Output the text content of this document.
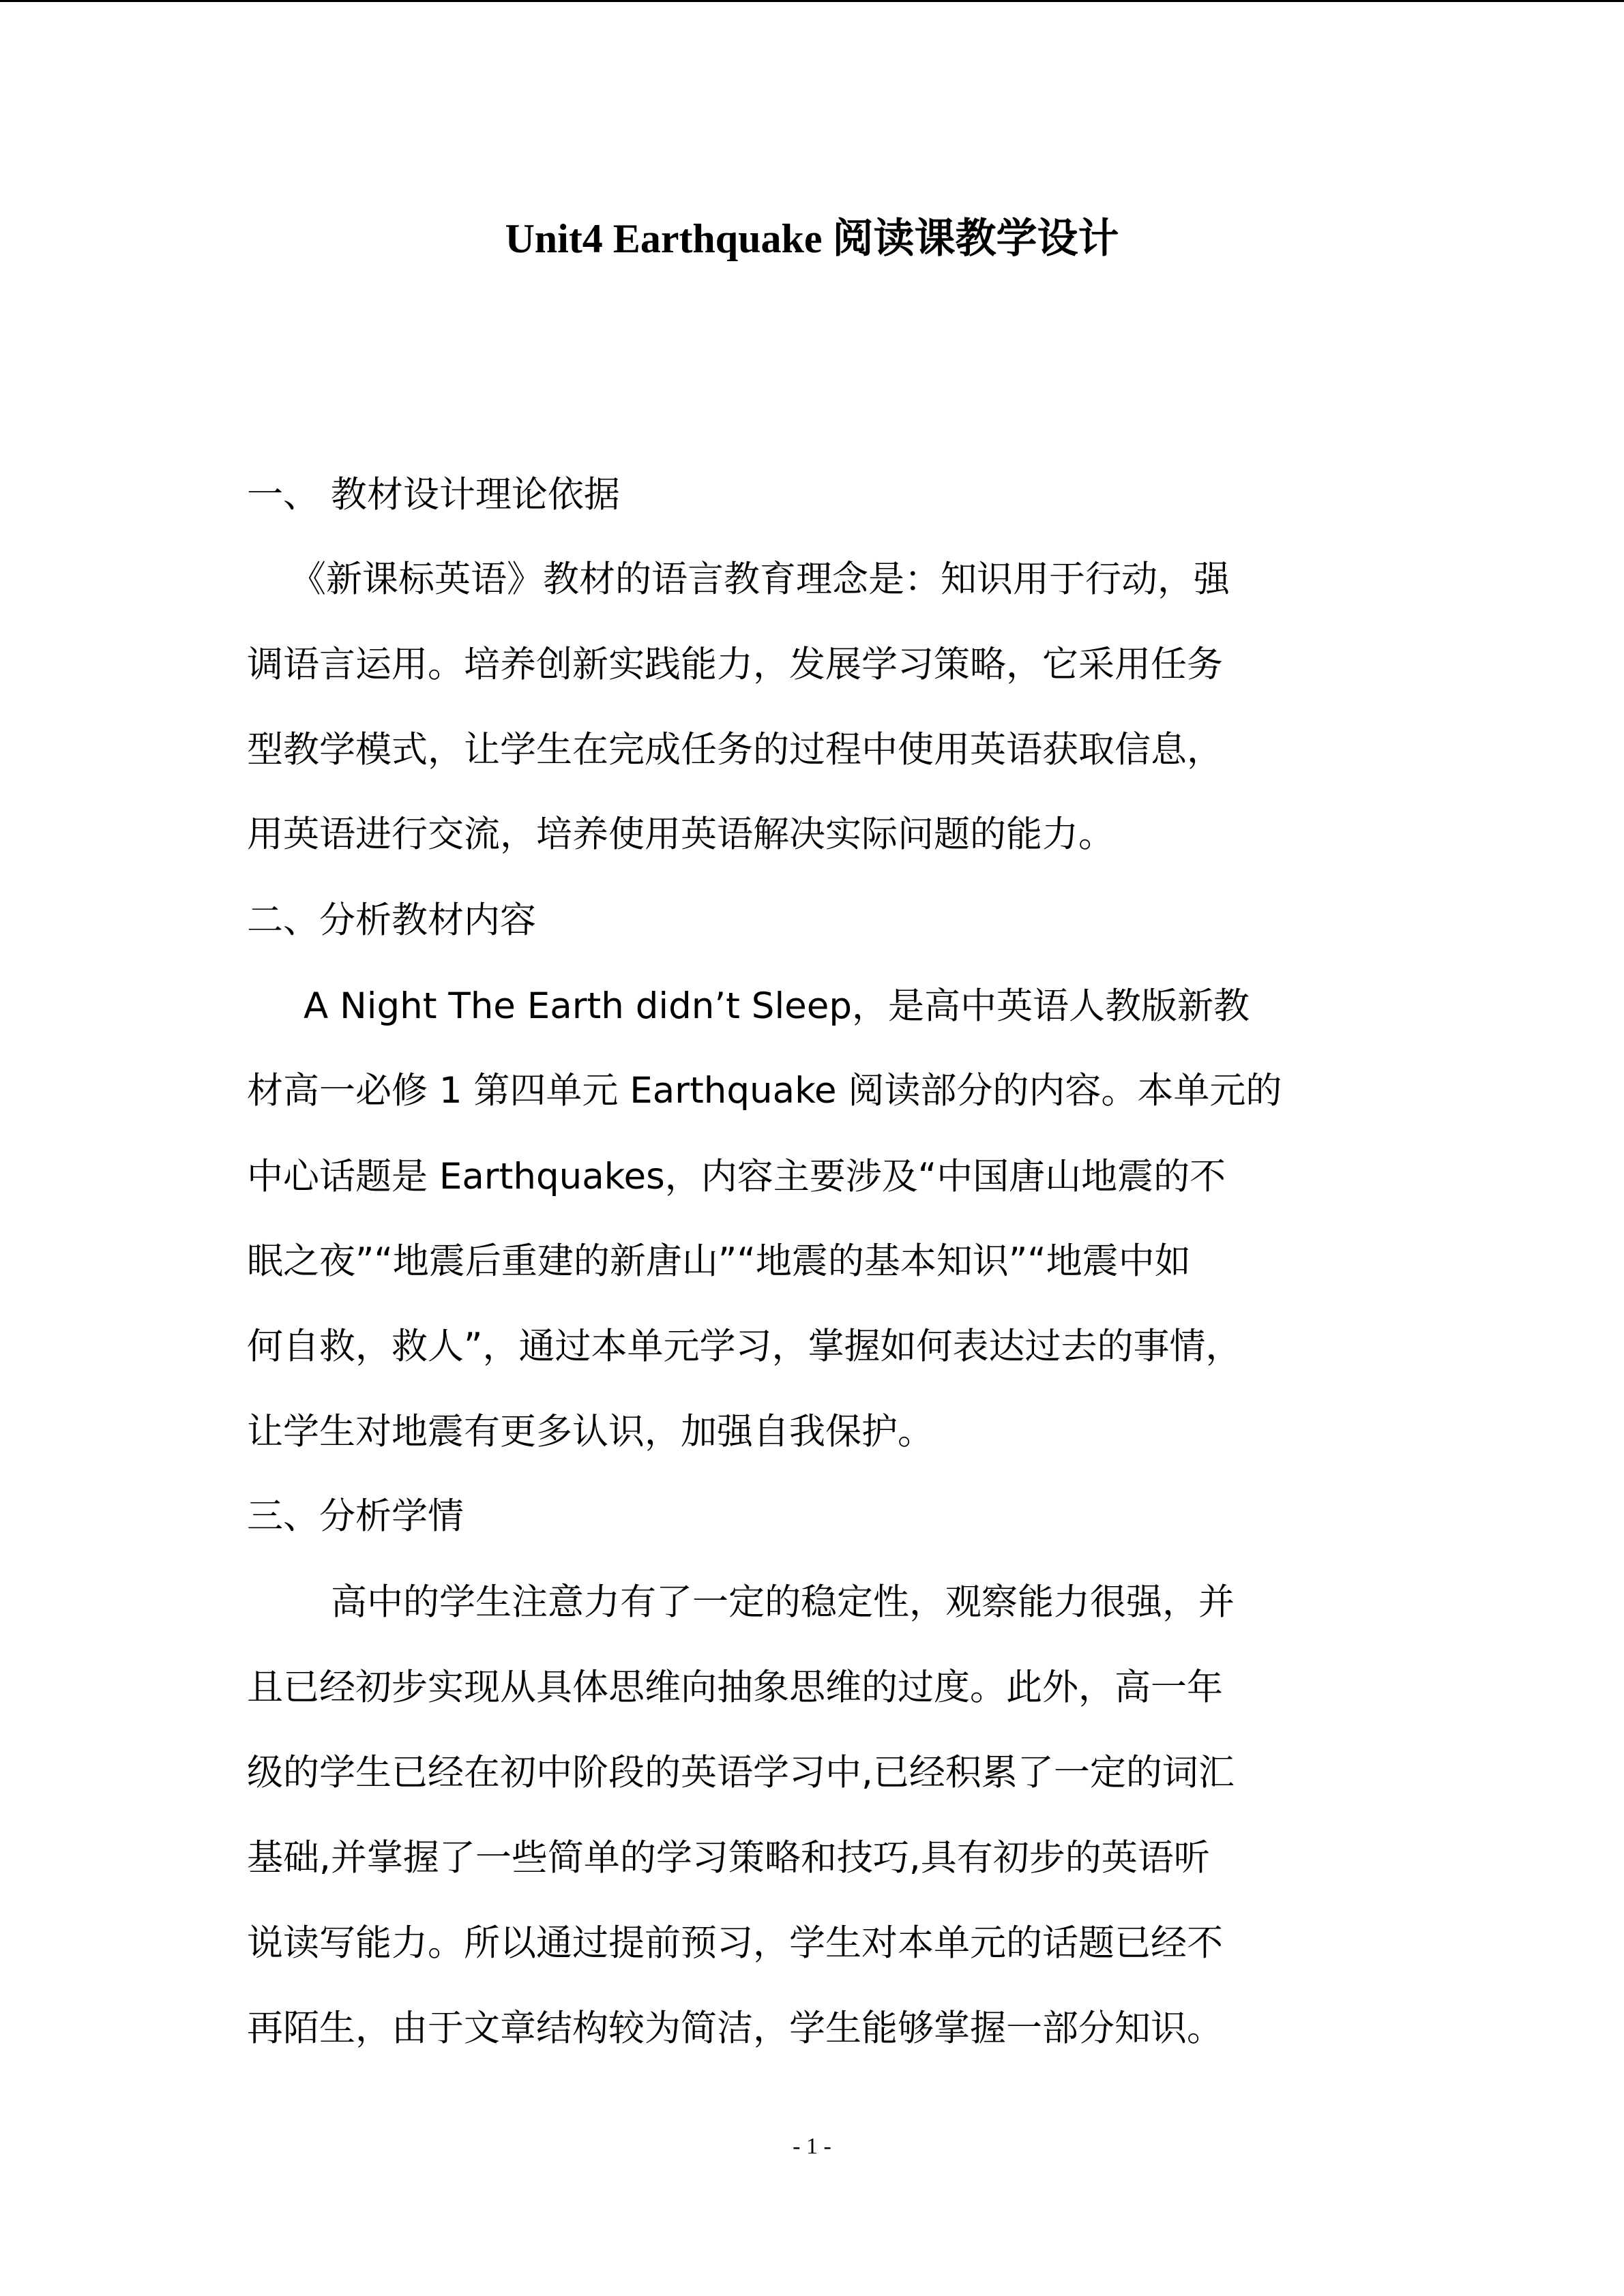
Unit4 Earthquake 阅读课教学设计
一、 教材设计理论依据
《新课标英语》教材的语言教育理念是：知识用于行动，强
调语言运用。培养创新实践能力，发展学习策略，它采用任务
型教学模式，让学生在完成任务的过程中使用英语获取信息，
用英语进行交流，培养使用英语解决实际问题的能力。
二、分析教材内容
A Night The Earth didn’t Sleep，是高中英语人教版新教
材高一必修 1 第四单元 Earthquake 阅读部分的内容。本单元的
中心话题是 Earthquakes，内容主要涉及“中国唐山地震的不
眠之夜”“地震后重建的新唐山”“地震的基本知识”“地震中如
何自救，救人”，通过本单元学习，掌握如何表达过去的事情，
让学生对地震有更多认识，加强自我保护。
三、分析学情
高中的学生注意力有了一定的稳定性，观察能力很强，并
且已经初步实现从具体思维向抽象思维的过度。此外，高一年
级的学生已经在初中阶段的英语学习中,已经积累了一定的词汇
基础,并掌握了一些简单的学习策略和技巧,具有初步的英语听
说读写能力。所以通过提前预习，学生对本单元的话题已经不
再陌生，由于文章结构较为简洁，学生能够掌握一部分知识。
- 1 -
